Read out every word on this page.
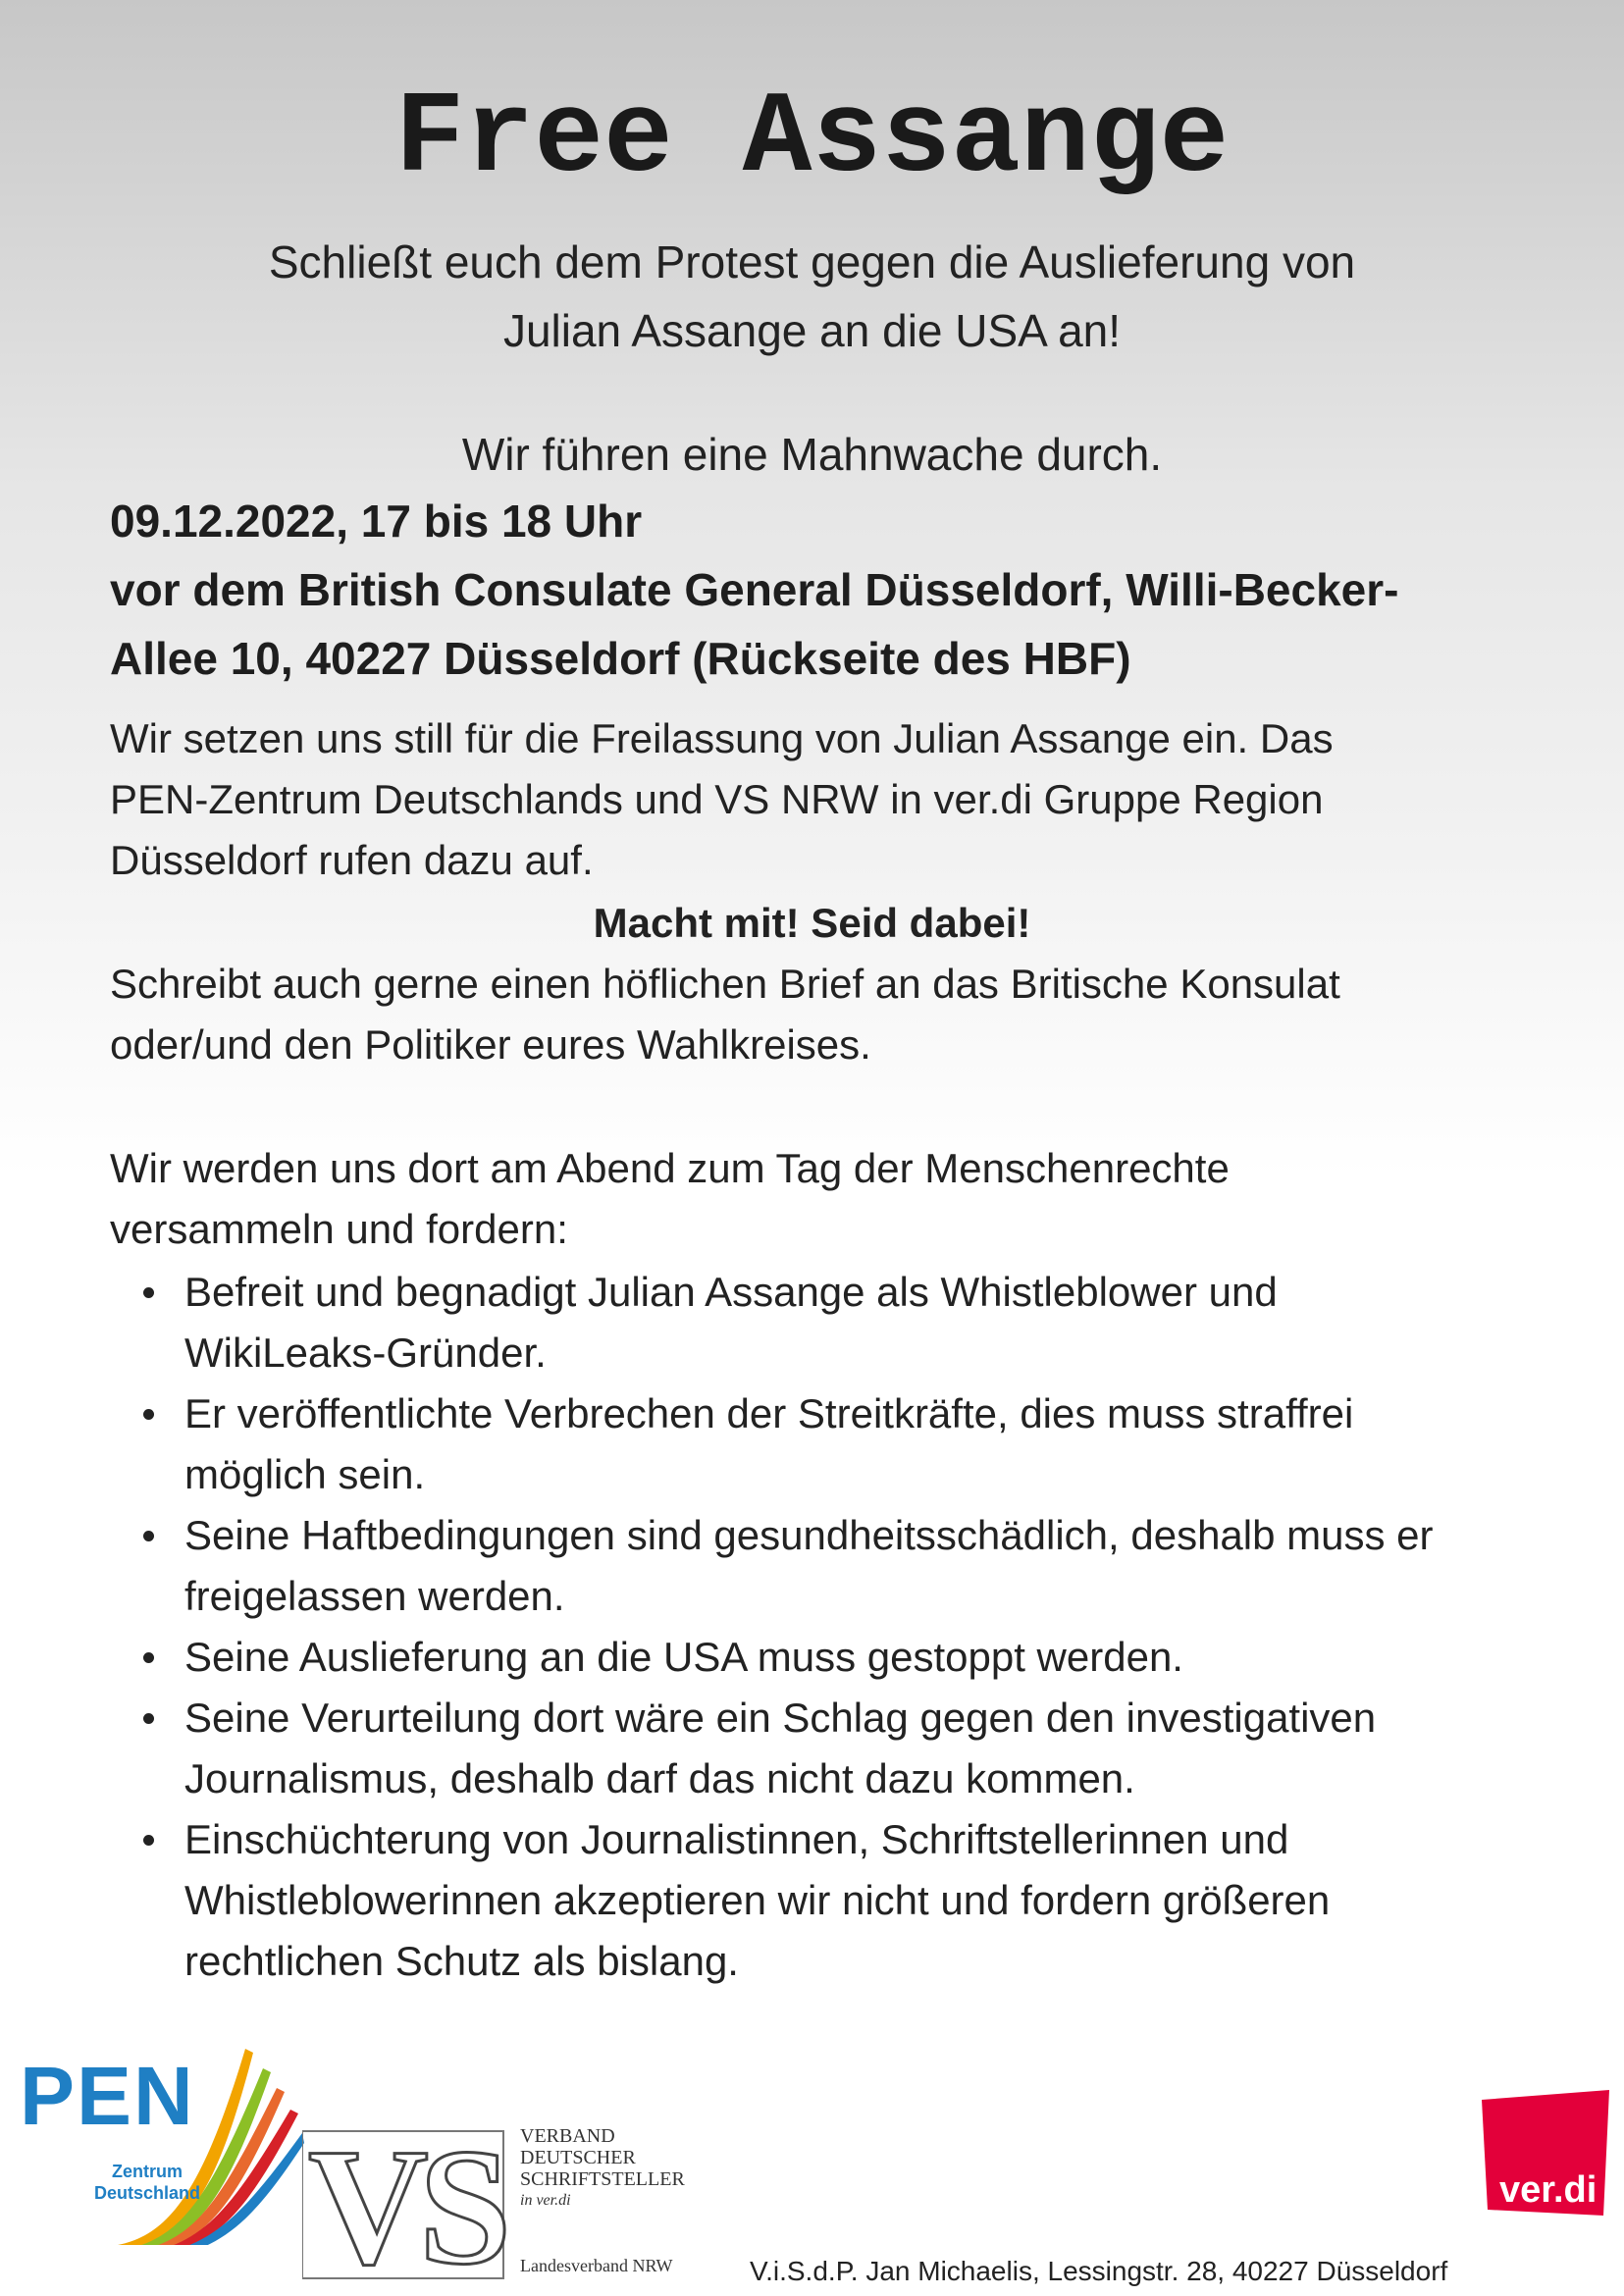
Free Assange
Schließt euch dem Protest gegen die Auslieferung von
Julian Assange an die USA an!
Wir führen eine Mahnwache durch.
09.12.2022, 17 bis 18 Uhr
vor dem British Consulate General Düsseldorf, Willi-Becker-
Allee 10, 40227 Düsseldorf (Rückseite des HBF)
Wir setzen uns still für die Freilassung von Julian Assange ein. Das
PEN-Zentrum Deutschlands und VS NRW in ver.di Gruppe Region
Düsseldorf rufen dazu auf.
Macht mit! Seid dabei!
Schreibt auch gerne einen höflichen Brief an das Britische Konsulat
oder/und den Politiker eures Wahlkreises.
Wir werden uns dort am Abend zum Tag der Menschenrechte
versammeln und fordern:
Befreit und begnadigt Julian Assange als Whistleblower und
WikiLeaks-Gründer.
Er veröffentlichte Verbrechen der Streitkräfte, dies muss straffrei
möglich sein.
Seine Haftbedingungen sind gesundheitsschädlich, deshalb muss er
freigelassen werden.
Seine Auslieferung an die USA muss gestoppt werden.
Seine Verurteilung dort wäre ein Schlag gegen den investigativen
Journalismus, deshalb darf das nicht dazu kommen.
Einschüchterung von Journalistinnen, Schriftstellerinnen und
Whistleblowerinnen akzeptieren wir nicht und fordern größeren
rechtlichen Schutz als bislang.
PEN
Zentrum
Deutschland VS VERBAND
DEUTSCHER
SCHRIFTSTELLER
in ver.di
Landesverband NRW
ver.di
V.i.S.d.P. Jan Michaelis, Lessingstr. 28, 40227 Düsseldorf
